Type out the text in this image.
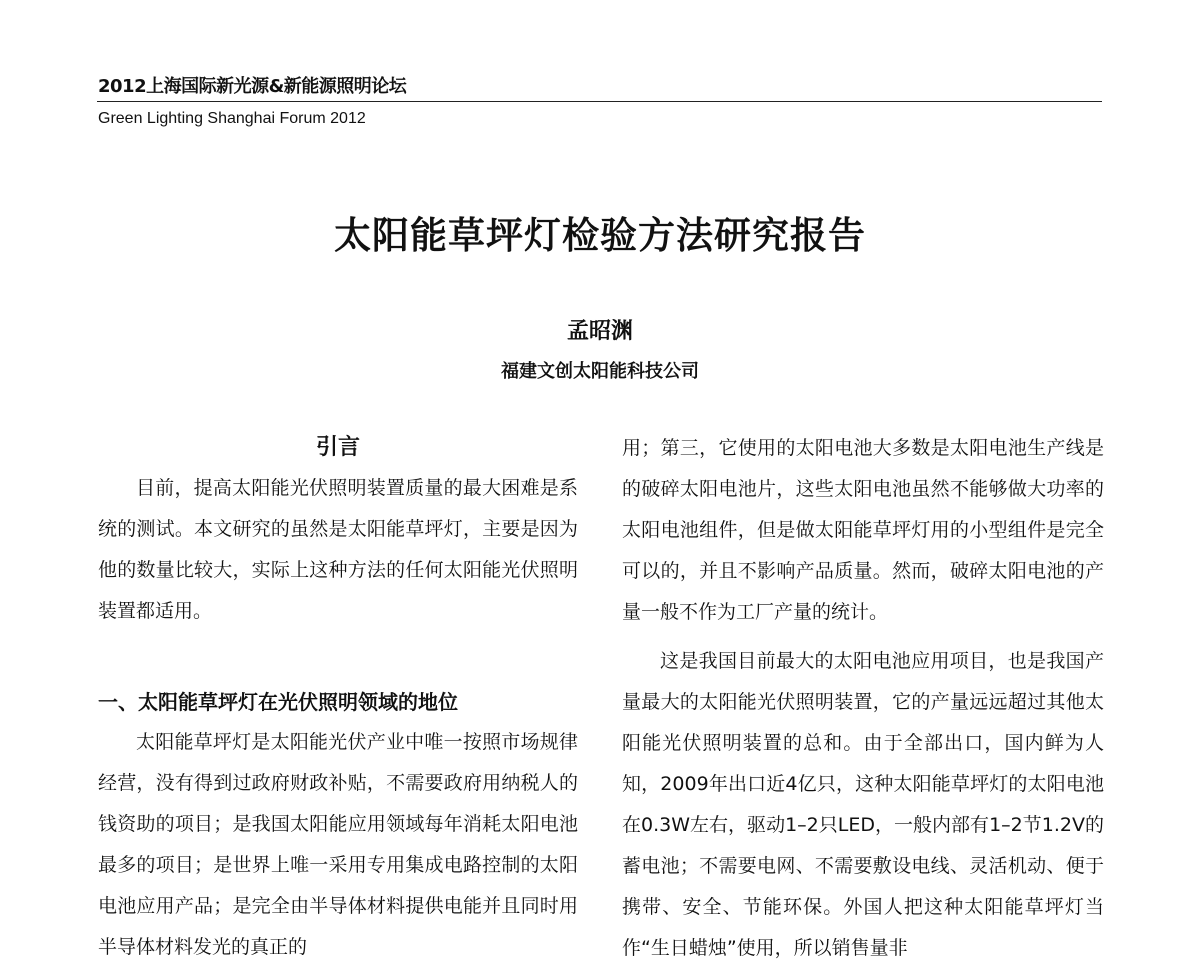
2012上海国际新光源&新能源照明论坛
Green Lighting Shanghai Forum 2012
太阳能草坪灯检验方法研究报告
孟昭渊
福建文创太阳能科技公司

引言

目前，提高太阳能光伏照明装置质量的最大困难是系统的测试。本文研究的虽然是太阳能草坪灯，主要是因为他的数量比较大，实际上这种方法的任何太阳能光伏照明装置都适用。

一、太阳能草坪灯在光伏照明领域的地位

太阳能草坪灯是太阳能光伏产业中唯一按照市场规律经营，没有得到过政府财政补贴，不需要政府用纳税人的钱资助的项目；是我国太阳能应用领域每年消耗太阳电池最多的项目；是世界上唯一采用专用集成电路控制的太阳电池应用产品；是完全由半导体材料提供电能并且同时用半导体材料发光的真正的

用；第三，它使用的太阳电池大多数是太阳电池生产线是的破碎太阳电池片，这些太阳电池虽然不能够做大功率的太阳电池组件，但是做太阳能草坪灯用的小型组件是完全可以的，并且不影响产品质量。然而，破碎太阳电池的产量一般不作为工厂产量的统计。

这是我国目前最大的太阳电池应用项目，也是我国产量最大的太阳能光伏照明装置，它的产量远远超过其他太阳能光伏照明装置的总和。由于全部出口，国内鲜为人知，2009年出口近4亿只，这种太阳能草坪灯的太阳电池在0.3W左右，驱动1–2只LED，一般内部有1–2节1.2V的蓄电池；不需要电网、不需要敷设电线、灵活机动、便于携带、安全、节能环保。外国人把这种太阳能草坪灯当作“生日蜡烛”使用，所以销售量非
